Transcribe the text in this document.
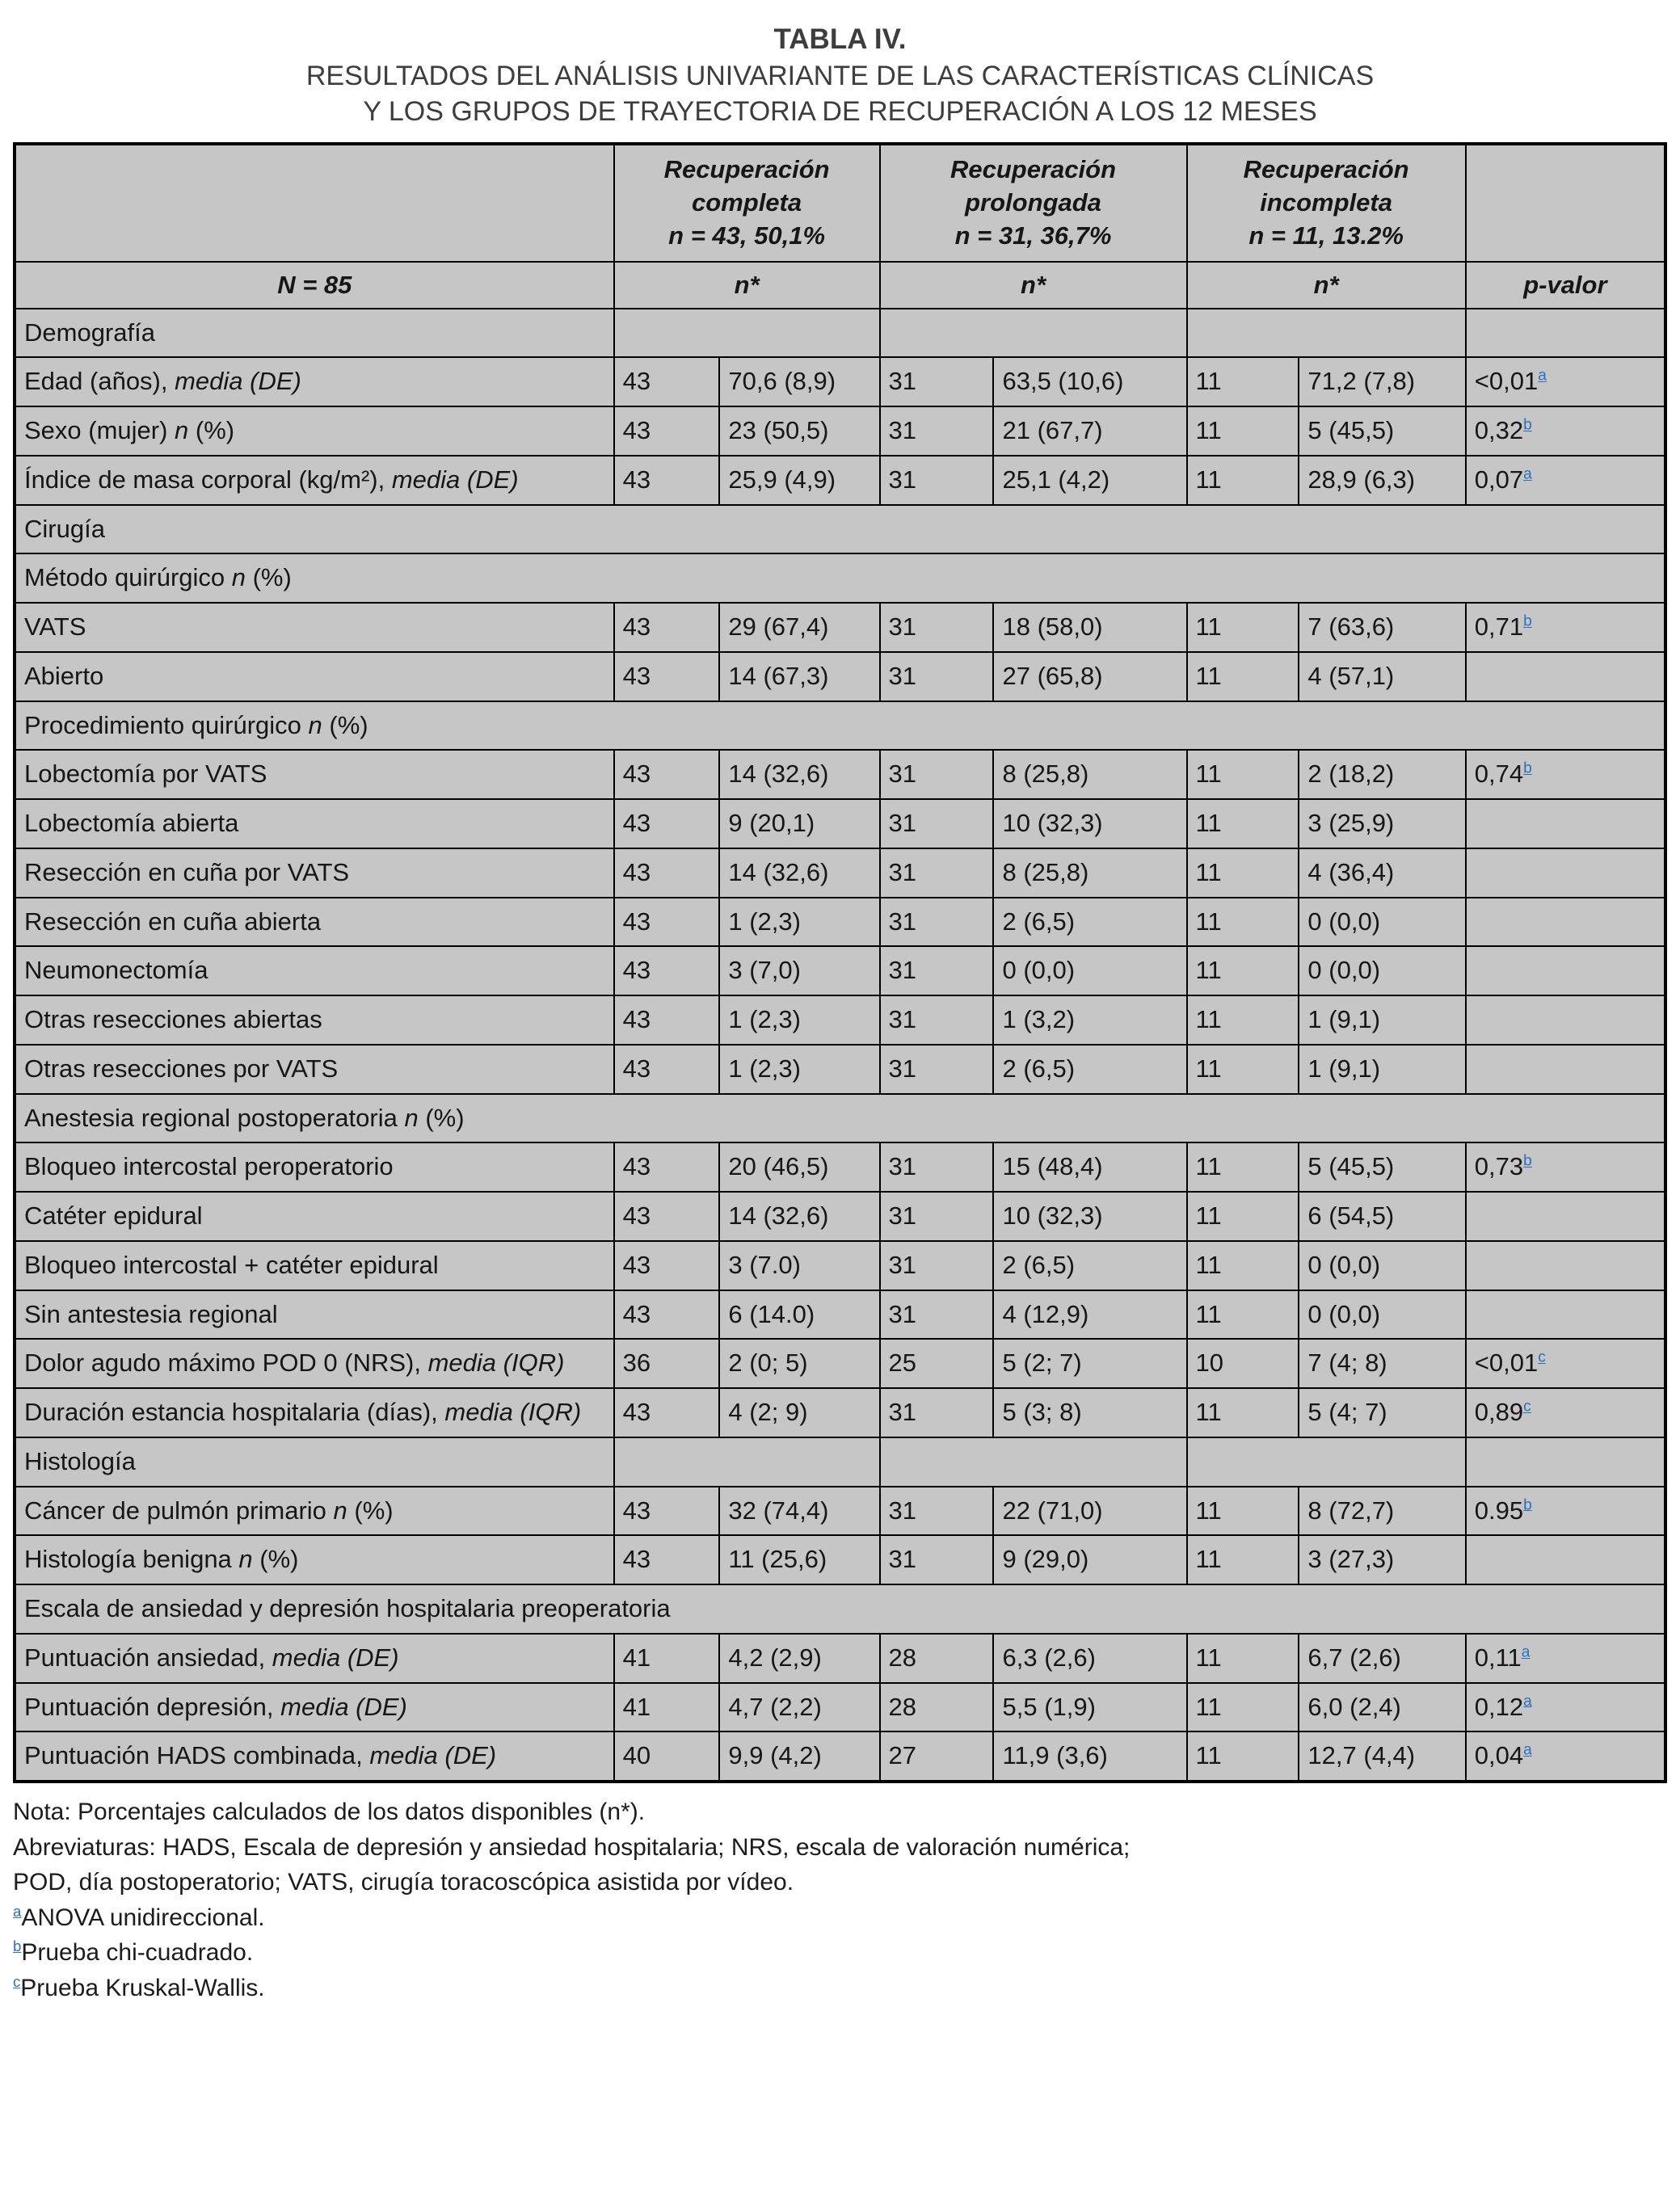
TABLA IV.
RESULTADOS DEL ANÁLISIS UNIVARIANTE DE LAS CARACTERÍSTICAS CLÍNICAS
Y LOS GRUPOS DE TRAYECTORIA DE RECUPERACIÓN A LOS 12 MESES
	Recuperación
completa
n = 43, 50,1%		Recuperación
prolongada
n = 31, 36,7%		Recuperación
incompleta
n = 11, 13.2%		
N = 85	n*		n*		n*		p-valor
Demografía							
Edad (años), media (DE)	43	70,6 (8,9)	31	63,5 (10,6)	11	71,2 (7,8)	<0,01$^a$
Sexo (mujer) n (%)	43	23 (50,5)	31	21 (67,7)	11	5 (45,5)	0,32$^b$
Índice de masa corporal (kg/m²), media (DE)	43	25,9 (4,9)	31	25,1 (4,2)	11	28,9 (6,3)	0,07$^a$
Cirugía							
Método quirúrgico n (%)							
VATS	43	29 (67,4)	31	18 (58,0)	11	7 (63,6)	0,71$^b$
Abierto	43	14 (67,3)	31	27 (65,8)	11	4 (57,1)	
Procedimiento quirúrgico n (%)							
Lobectomía por VATS	43	14 (32,6)	31	8 (25,8)	11	2 (18,2)	0,74$^b$
Lobectomía abierta	43	9 (20,1)	31	10 (32,3)	11	3 (25,9)	
Resección en cuña por VATS	43	14 (32,6)	31	8 (25,8)	11	4 (36,4)	
Resección en cuña abierta	43	1 (2,3)	31	2 (6,5)	11	0 (0,0)	
Neumonectomía	43	3 (7,0)	31	0 (0,0)	11	0 (0,0)	
Otras resecciones abiertas	43	1 (2,3)	31	1 (3,2)	11	1 (9,1)	
Otras resecciones por VATS	43	1 (2,3)	31	2 (6,5)	11	1 (9,1)	
Anestesia regional postoperatoria n (%)							
Bloqueo intercostal peroperatorio	43	20 (46,5)	31	15 (48,4)	11	5 (45,5)	0,73$^b$
Catéter epidural	43	14 (32,6)	31	10 (32,3)	11	6 (54,5)	
Bloqueo intercostal + catéter epidural	43	3 (7.0)	31	2 (6,5)	11	0 (0,0)	
Sin antestesia regional	43	6 (14.0)	31	4 (12,9)	11	0 (0,0)	
Dolor agudo máximo POD 0 (NRS), media (IQR)	36	2 (0; 5)	25	5 (2; 7)	10	7 (4; 8)	<0,01$^c$
Duración estancia hospitalaria (días), media (IQR)	43	4 (2; 9)	31	5 (3; 8)	11	5 (4; 7)	0,89$^c$
Histología							
Cáncer de pulmón primario n (%)	43	32 (74,4)	31	22 (71,0)	11	8 (72,7)	0.95$^b$
Histología benigna n (%)	43	11 (25,6)	31	9 (29,0)	11	3 (27,3)	
Escala de ansiedad y depresión hospitalaria preoperatoria							
Puntuación ansiedad, media (DE)	41	4,2 (2,9)	28	6,3 (2,6)	11	6,7 (2,6)	0,11$^a$
Puntuación depresión, media (DE)	41	4,7 (2,2)	28	5,5 (1,9)	11	6,0 (2,4)	0,12$^a$
Puntuación HADS combinada, media (DE)	40	9,9 (4,2)	27	11,9 (3,6)	11	12,7 (4,4)	0,04$^a$
Nota: Porcentajes calculados de los datos disponibles (n*).
Abreviaturas: HADS, Escala de depresión y ansiedad hospitalaria; NRS, escala de valoración numérica;
POD, día postoperatorio; VATS, cirugía toracoscópica asistida por vídeo.
$^a$ANOVA unidireccional.
$^b$Prueba chi-cuadrado.
$^c$Prueba Kruskal-Wallis.
